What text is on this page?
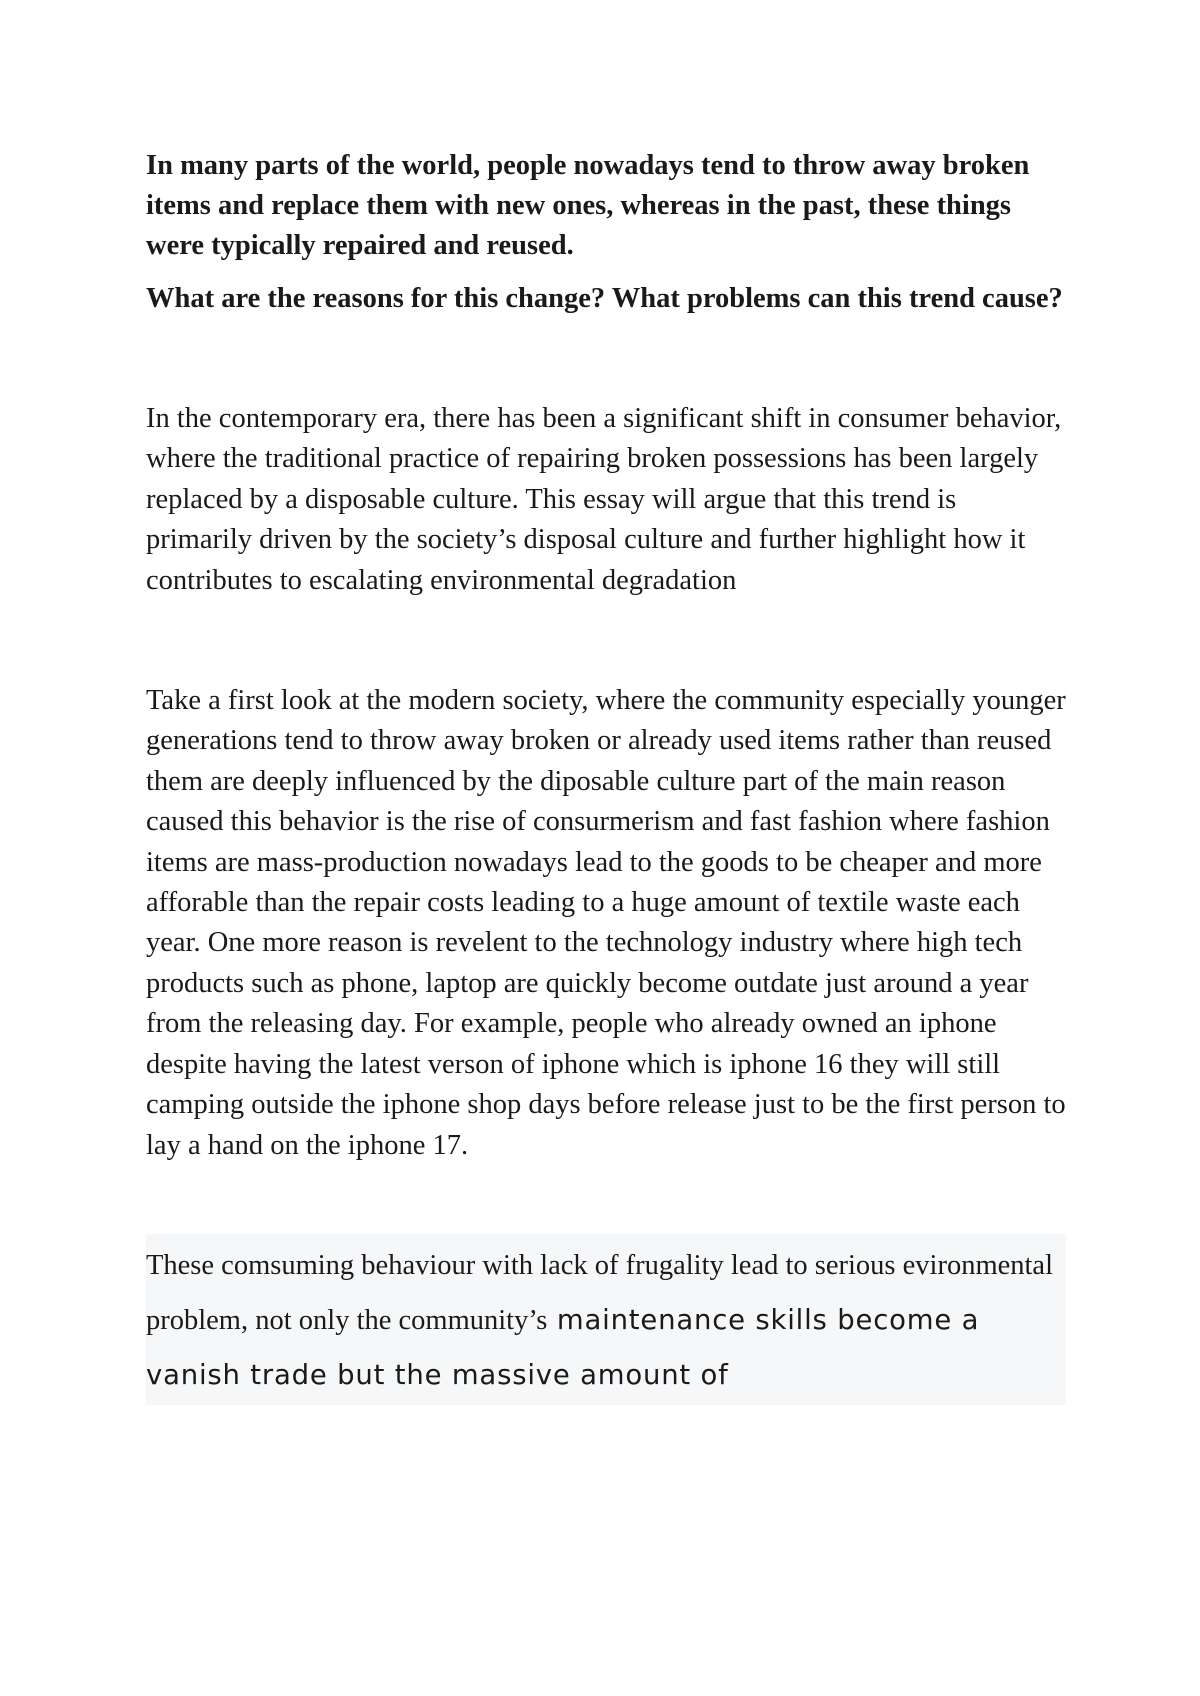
In many parts of the world, people nowadays tend to throw away broken items and replace them with new ones, whereas in the past, these things were typically repaired and reused.

What are the reasons for this change? What problems can this trend cause?

In the contemporary era, there has been a significant shift in consumer behavior, where the traditional practice of repairing broken possessions has been largely replaced by a disposable culture. This essay will argue that this trend is primarily driven by the society’s disposal culture and further highlight how it contributes to escalating environmental degradation

Take a first look at the modern society, where the community especially younger generations tend to throw away broken or already used items rather than reused them are deeply influenced by the diposable culture part of the main reason caused this behavior is the rise of consurmerism and fast fashion where fashion items are mass-production nowadays lead to the goods to be cheaper and more afforable than the repair costs leading to a huge amount of textile waste each year. One more reason is revelent to the technology industry where high tech products such as phone, laptop are quickly become outdate just around a year from the releasing day. For example, people who already owned an iphone despite having the latest verson of iphone which is iphone 16 they will still camping outside the iphone shop days before release just to be the first person to lay a hand on the iphone 17.

These comsuming behaviour with lack of frugality lead to serious evironmental problem, not only the community’s maintenance skills become a vanish trade but the massive amount of
